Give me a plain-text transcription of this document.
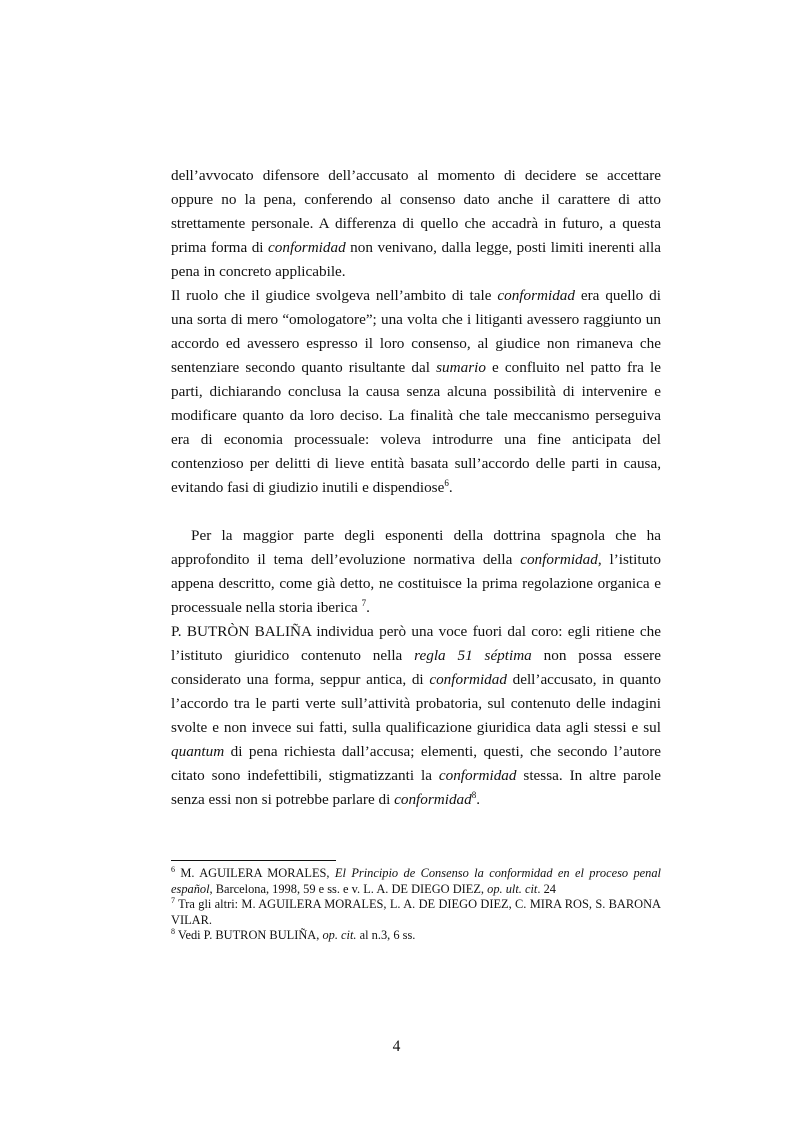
dell’avvocato difensore dell’accusato al momento di decidere se accettare oppure no la pena, conferendo al consenso dato anche il carattere di atto strettamente personale. A differenza di quello che accadrà in futuro, a questa prima forma di conformidad non venivano, dalla legge, posti limiti inerenti alla pena in concreto applicabile.

Il ruolo che il giudice svolgeva nell’ambito di tale conformidad era quello di una sorta di mero “omologatore”; una volta che i litiganti avessero raggiunto un accordo ed avessero espresso il loro consenso, al giudice non rimaneva che sentenziare secondo quanto risultante dal sumario e confluito nel patto fra le parti, dichiarando conclusa la causa senza alcuna possibilità di intervenire e modificare quanto da loro deciso. La finalità che tale meccanismo perseguiva era di economia processuale: voleva introdurre una fine anticipata del contenzioso per delitti di lieve entità basata sull’accordo delle parti in causa, evitando fasi di giudizio inutili e dispendiose$^6$.

Per la maggior parte degli esponenti della dottrina spagnola che ha approfondito il tema dell’evoluzione normativa della conformidad, l’istituto appena descritto, come già detto, ne costituisce la prima regolazione organica e processuale nella storia iberica $^7$.

P. BUTRÒN BALIÑA individua però una voce fuori dal coro: egli ritiene che l’istituto giuridico contenuto nella regla 51 séptima non possa essere considerato una forma, seppur antica, di conformidad dell’accusato, in quanto l’accordo tra le parti verte sull’attività probatoria, sul contenuto delle indagini svolte e non invece sui fatti, sulla qualificazione giuridica data agli stessi e sul quantum di pena richiesta dall’accusa; elementi, questi, che secondo l’autore citato sono indefettibili, stigmatizzanti la conformidad stessa. In altre parole senza essi non si potrebbe parlare di conformidad$^8$.

$^6$ M. AGUILERA MORALES, El Principio de Consenso la conformidad en el proceso penal español, Barcelona, 1998, 59 e ss. e v. L. A. DE DIEGO DIEZ, op. ult. cit. 24

$^7$ Tra gli altri: M. AGUILERA MORALES, L. A. DE DIEGO DIEZ, C. MIRA ROS, S. BARONA VILAR.

$^8$ Vedi P. BUTRON BULIÑA, op. cit. al n.3, 6 ss.

4
